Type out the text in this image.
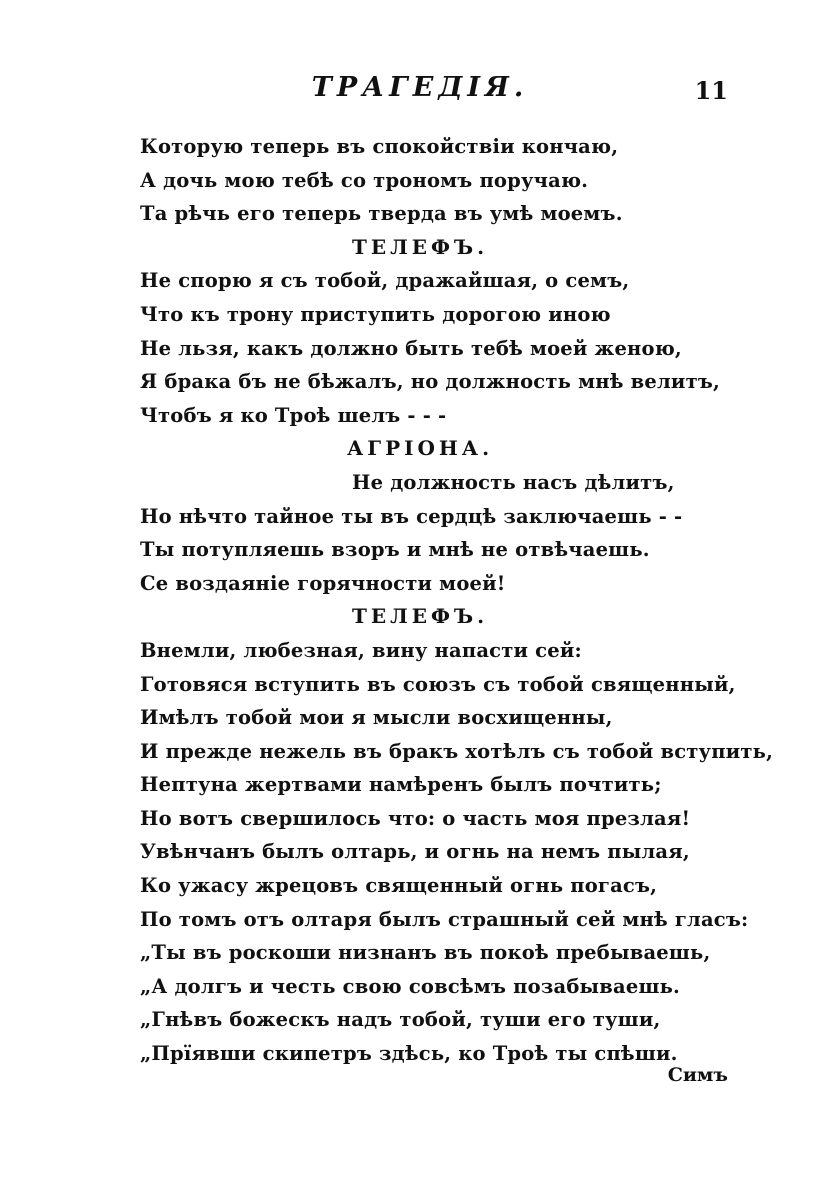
ТРАГЕДІЯ.	11
Которую теперь въ спокойствіи кончаю,
А дочь мою тебѣ со трономъ поручаю.
Та рѣчь его теперь тверда въ умѣ моемъ.
ТЕЛЕФЪ.
Не спорю я съ тобой, дражайшая, о семъ,
Что къ трону приступить дорогою иною
Не льзя, какъ должно быть тебѣ моей женою,
Я брака бъ не бѣжалъ, но должность мнѣ велитъ,
Чтобъ я ко Троѣ шелъ - - -
АГРІОНА.
Не должность насъ дѣлитъ,
Но нѣчто тайное ты въ сердцѣ заключаешь - -
Ты потупляешь взоръ и мнѣ не отвѣчаешь.
Се воздаяніе горячности моей!
ТЕЛЕФЪ.
Внемли, любезная, вину напасти сей:
Готовяся вступить въ союзъ съ тобой священный,
Имѣлъ тобой мои я мысли восхищенны,
И прежде нежель въ бракъ хотѣлъ съ тобой вступить,
Нептуна жертвами намѣренъ былъ почтить;
Но вотъ свершилось что: о часть моя презлая!
Увѣнчанъ былъ олтарь, и огнь на немъ пылая,
Ко ужасу жрецовъ священный огнь погасъ,
По томъ отъ олтаря былъ страшный сей мнѣ гласъ:
„Ты въ роскоши низнанъ въ покоѣ пребываешь,
„А долгъ и честь свою совсѣмъ позабываешь.
„Гнѣвъ божескъ надъ тобой, туши его туши,
„Прїявши скипетръ здѣсь, ко Троѣ ты спѣши.
Симъ
